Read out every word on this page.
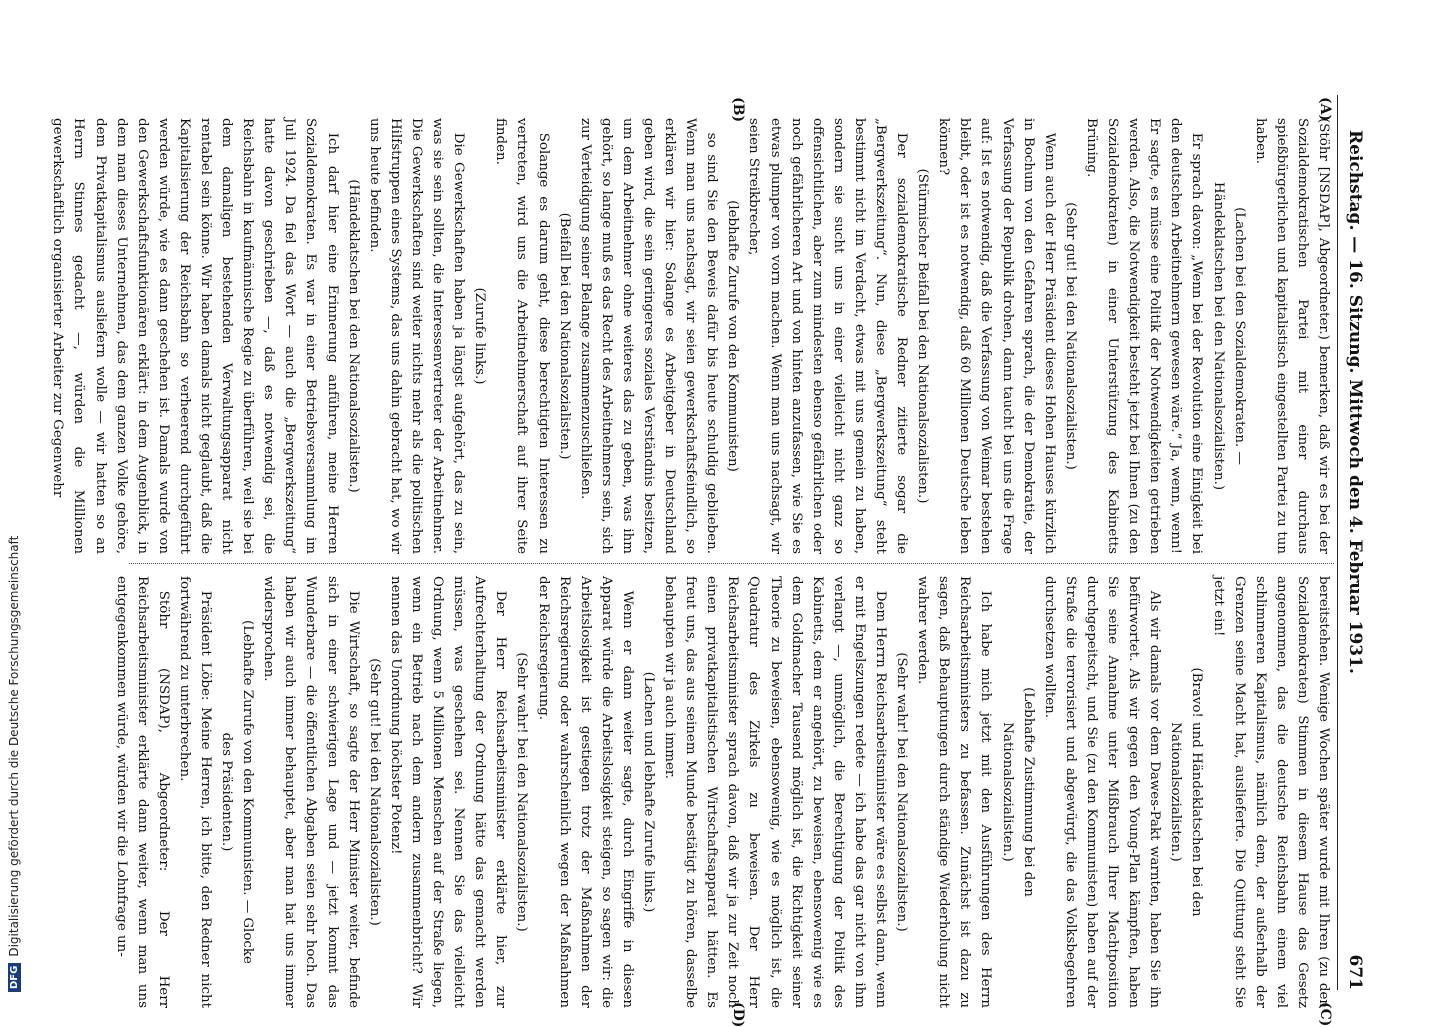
Reichstag. — 16. Sitzung. Mittwoch den 4. Februar 1931.
671
(A)
(B)
(C)
(D)

(Stöhr [NSDAP], Abgeordneter.) bemerken, daß wir es bei der Sozialdemokratischen Partei mit einer durchaus spießbürgerlichen und kapitalistisch eingestellten Partei zu tun haben.

(Lachen bei den Sozialdemokraten. — Händeklatschen bei den Nationalsozialisten.)

Er sprach davon: „Wenn bei der Revolution eine Einigkeit bei den deutschen Arbeitnehmern gewesen wäre.“ Ja, wenn, wenn! Er sagte, es müsse eine Politik der Notwendigkeiten getrieben werden. Also, die Notwendigkeit besteht jetzt bei Ihnen (zu den Sozialdemokraten) in einer Unterstützung des Kabinetts Brüning.

(Sehr gut! bei den Nationalsozialisten.)

Wenn auch der Herr Präsident dieses Hohen Hauses kürzlich in Bochum von den Gefahren sprach, die der Demokratie, der Verfassung der Republik drohen, dann taucht bei uns die Frage auf: Ist es notwendig, daß die Verfassung von Weimar bestehen bleibt, oder ist es notwendig, daß 60 Millionen Deutsche leben können?

(Stürmischer Beifall bei den Nationalsozialisten.)

Der sozialdemokratische Redner zitierte sogar die „Bergwerkszeitung“. Nun, diese „Bergwerkszeitung“ steht bestimmt nicht im Verdacht, etwas mit uns gemein zu haben, sondern sie sucht uns in einer vielleicht nicht ganz so offensichtlichen, aber zum mindesten ebenso gefährlichen oder noch gefährlicheren Art und von hinten anzufassen, wie Sie es etwas plumper von vorn machen. Wenn man uns nachsagt, wir seien Streikbrecher,

(lebhafte Zurufe von den Kommunisten)

so sind Sie den Beweis dafür bis heute schuldig geblieben. Wenn man uns nachsagt, wir seien gewerkschaftsfeindlich, so erklären wir hier: Solange es Arbeitgeber in Deutschland geben wird, die sein geringeres soziales Verständnis besitzen, um dem Arbeitnehmer ohne weiteres das zu geben, was ihm gehört, so lange muß es das Recht des Arbeitnehmers sein, sich zur Verteidigung seiner Belange zusammenzuschließen.

(Beifall bei den Nationalsozialisten.)

Solange es darum geht, diese berechtigten Interessen zu vertreten, wird uns die Arbeitnehmerschaft auf ihrer Seite finden.

(Zurufe links.)

Die Gewerkschaften haben ja längst aufgehört, das zu sein, was sie sein sollten, die Interessenvertreter der Arbeitnehmer. Die Gewerkschaften sind weiter nichts mehr als die politischen Hilfstruppen eines Systems, das uns dahin gebracht hat, wo wir uns heute befinden.

(Händeklatschen bei den Nationalsozialisten.)

Ich darf hier eine Erinnerung anführen, meine Herren Sozialdemokraten. Es war in einer Betriebsversammlung im Juli 1924. Da fiel das Wort — auch die „Bergwerkszeitung“ hatte davon geschrieben —, daß es notwendig sei, die Reichsbahn in kaufmännische Regie zu überführen, weil sie bei dem damaligen bestehenden Verwaltungsapparat nicht rentabel sein könne. Wir haben damals nicht geglaubt, daß die Kapitalisierung der Reichsbahn so verheerend durchgeführt werden würde, wie es dann geschehen ist. Damals wurde von den Gewerkschaftsfunktionären erklärt: in dem Augenblick, in dem man dieses Unternehmen, das dem ganzen Volke gehöre, dem Privatkapitalismus ausliefern wolle — wir hatten so an Herrn Stinnes gedacht —, würden die Millionen gewerkschaftlich organisierter Arbeiter zur Gegenwehr

bereitstehen. Wenige Wochen später wurde mit Ihren (zu den Sozialdemokraten) Stimmen in diesem Hause das Gesetz angenommen, das die deutsche Reichsbahn einem viel schlimmeren Kapitalismus, nämlich dem, der außerhalb der Grenzen seine Macht hat, auslieferte. Die Quittung steht Sie jetzt ein!

(Bravo! und Händeklatschen bei den Nationalsozialisten.)

Als wir damals vor dem Dawes-Pakt warnten, haben Sie ihn befürwortet. Als wir gegen den Young-Plan kämpften, haben Sie seine Annahme unter Mißbrauch Ihrer Machtposition durchgepeitscht, und Sie (zu den Kommunisten) haben auf der Straße die terrorisiert und abgewürgt, die das Volksbegehren durchsetzen wollten.

(Lebhafte Zustimmung bei den Nationalsozialisten.)

Ich habe mich jetzt mit den Ausführungen des Herrn Reichsarbeitsministers zu befassen. Zunächst ist dazu zu sagen, daß Behauptungen durch ständige Wiederholung nicht wahrer werden.

(Sehr wahr! bei den Nationalsozialisten.)

Dem Herrn Reichsarbeitsminister wäre es selbst dann, wenn er mit Engelszungen redete — ich habe das gar nicht von ihm verlangt —, unmöglich, die Berechtigung der Politik des Kabinetts, dem er angehört, zu beweisen, ebensowenig wie es dem Goldmacher Tausend möglich ist, die Richtigkeit seiner Theorie zu beweisen, ebensowenig, wie es möglich ist, die Quadratur des Zirkels zu beweisen. Der Herr Reichsarbeitsminister sprach davon, daß wir ja zur Zeit noch einen privatkapitalistischen Wirtschaftsapparat hätten. Es freut uns, das aus seinem Munde bestätigt zu hören, dasselbe behaupten wir ja auch immer.

(Lachen und lebhafte Zurufe links.)

Wenn er dann weiter sagte, durch Eingriffe in diesen Apparat würde die Arbeitslosigkeit steigen, so sagen wir: die Arbeitslosigkeit ist gestiegen trotz der Maßnahmen der Reichsregierung oder wahrscheinlich wegen der Maßnahmen der Reichsregierung.

(Sehr wahr! bei den Nationalsozialisten.)

Der Herr Reichsarbeitsminister erklärte hier, zur Aufrechterhaltung der Ordnung hätte das gemacht werden müssen, was geschehen sei. Nennen Sie das vielleicht Ordnung, wenn 5 Millionen Menschen auf der Straße liegen, wenn ein Betrieb nach dem andern zusammenbricht? Wir nennen das Unordnung höchster Potenz!

(Sehr gut! bei den Nationalsozialisten.)

Die Wirtschaft, so sagte der Herr Minister weiter, befinde sich in einer schwierigen Lage und — jetzt kommt das Wunderbare — die öffentlichen Abgaben seien sehr hoch. Das haben wir auch immer behauptet, aber man hat uns immer widersprochen.

(Lebhafte Zurufe von den Kommunisten. — Glocke des Präsidenten.)

Präsident Löbe: Meine Herren, ich bitte, den Redner nicht fortwährend zu unterbrechen.

Stöhr (NSDAP), Abgeordneter: Der Herr Reichsarbeitsminister erklärte dann weiter, wenn man uns entgegenkommen würde, würden wir die Lohnfrage un-

DFG
Digitalisierung gefördert durch die Deutsche Forschungsgemeinschaft
